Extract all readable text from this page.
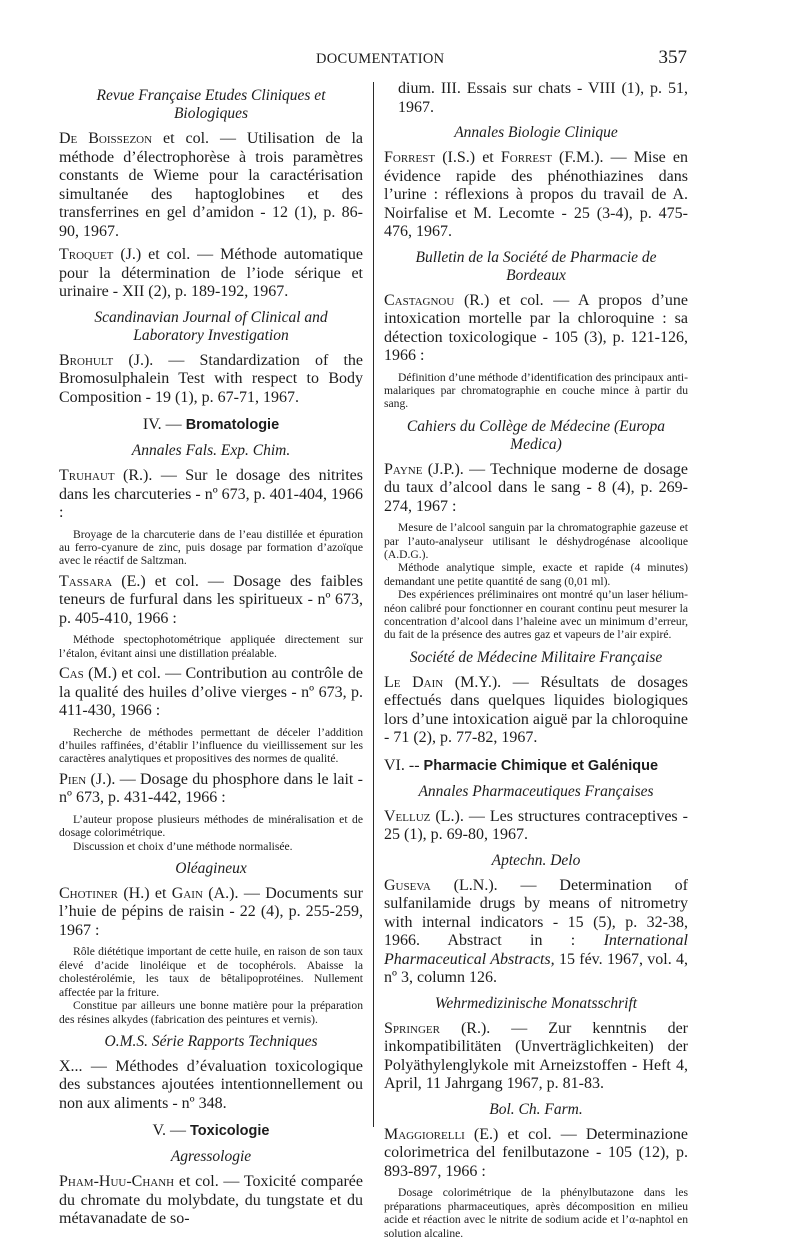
DOCUMENTATION	357
Revue Française Etudes Cliniques et Biologiques
De Boissezon et col. — Utilisation de la méthode d’électrophorèse à trois paramètres constants de Wieme pour la caractérisation simultanée des haptoglobines et des transferrines en gel d’amidon - 12 (1), p. 86-90, 1967.
Troquet (J.) et col. — Méthode automatique pour la détermination de l’iode sérique et urinaire - XII (2), p. 189-192, 1967.
Scandinavian Journal of Clinical and Laboratory Investigation
Brohult (J.). — Standardization of the Bromosulphalein Test with respect to Body Composition - 19 (1), p. 67-71, 1967.
IV. — Bromatologie
Annales Fals. Exp. Chim.
Truhaut (R.). — Sur le dosage des nitrites dans les charcuteries - nº 673, p. 401-404, 1966 :

Broyage de la charcuterie dans de l’eau distillée et épuration au ferro-cyanure de zinc, puis dosage par formation d’azoïque avec le réactif de Saltzman.

Tassara (E.) et col. — Dosage des faibles teneurs de furfural dans les spiritueux - nº 673, p. 405-410, 1966 :

Méthode spectophotométrique appliquée directement sur l’étalon, évitant ainsi une distillation préalable.

Cas (M.) et col. — Contribution au contrôle de la qualité des huiles d’olive vierges - nº 673, p. 411-430, 1966 :

Recherche de méthodes permettant de déceler l’addition d’huiles raffinées, d’établir l’influence du vieillissement sur les caractères analytiques et propositives des normes de qualité.

Pien (J.). — Dosage du phosphore dans le lait - nº 673, p. 431-442, 1966 :

L’auteur propose plusieurs méthodes de minéralisation et de dosage colorimétrique.

Discussion et choix d’une méthode normalisée.

Oléagineux
Chotiner (H.) et Gain (A.). — Documents sur l’huie de pépins de raisin - 22 (4), p. 255-259, 1967 :

Rôle diététique important de cette huile, en raison de son taux élevé d’acide linoléique et de tocophérols. Abaisse la cholestérolémie, les taux de bêtalipoprotéines. Nullement affectée par la friture.

Constitue par ailleurs une bonne matière pour la préparation des résines alkydes (fabrication des peintures et vernis).

O.M.S. Série Rapports Techniques
X... — Méthodes d’évaluation toxicologique des substances ajoutées intentionnellement ou non aux aliments - nº 348.
V. — Toxicologie
Agressologie
Pham-Huu-Chanh et col. — Toxicité comparée du chromate du molybdate, du tungstate et du métavanadate de so-
dium. III. Essais sur chats - VIII (1), p. 51, 1967.
Annales Biologie Clinique
Forrest (I.S.) et Forrest (F.M.). — Mise en évidence rapide des phénothiazines dans l’urine : réflexions à propos du travail de A. Noirfalise et M. Lecomte - 25 (3-4), p. 475-476, 1967.
Bulletin de la Société de Pharmacie de Bordeaux
Castagnou (R.) et col. — A propos d’une intoxication mortelle par la chloroquine : sa détection toxicologique - 105 (3), p. 121-126, 1966 :

Définition d’une méthode d’identification des principaux anti-malariques par chromatographie en couche mince à partir du sang.

Cahiers du Collège de Médecine (Europa Medica)
Payne (J.P.). — Technique moderne de dosage du taux d’alcool dans le sang - 8 (4), p. 269-274, 1967 :

Mesure de l’alcool sanguin par la chromatographie gazeuse et par l’auto-analyseur utilisant le déshydrogénase alcoolique (A.D.G.).

Méthode analytique simple, exacte et rapide (4 minutes) demandant une petite quantité de sang (0,01 ml).

Des expériences préliminaires ont montré qu’un laser hélium-néon calibré pour fonctionner en courant continu peut mesurer la concentration d’alcool dans l’haleine avec un minimum d’erreur, du fait de la présence des autres gaz et vapeurs de l’air expiré.

Société de Médecine Militaire Française
Le Dain (M.Y.). — Résultats de dosages effectués dans quelques liquides biologiques lors d’une intoxication aiguë par la chloroquine - 71 (2), p. 77-82, 1967.
VI. -- Pharmacie Chimique et Galénique
Annales Pharmaceutiques Françaises
Velluz (L.). — Les structures contraceptives - 25 (1), p. 69-80, 1967.
Aptechn. Delo
Guseva (L.N.). — Determination of sulfanilamide drugs by means of nitrometry with internal indicators - 15 (5), p. 32-38, 1966. Abstract in : International Pharmaceutical Abstracts, 15 fév. 1967, vol. 4, nº 3, column 126.
Wehrmedizinische Monatsschrift
Springer (R.). — Zur kenntnis der inkompatibilitäten (Unverträglichkeiten) der Polyäthylenglykole mit Arneizstoffen - Heft 4, April, 11 Jahrgang 1967, p. 81-83.
Bol. Ch. Farm.
Maggiorelli (E.) et col. — Determinazione colorimetrica del fenilbutazone - 105 (12), p. 893-897, 1966 :

Dosage colorimétrique de la phénylbutazone dans les préparations pharmaceutiques, après décomposition en milieu acide et réaction avec le nitrite de sodium acide et l’α-naphtol en solution alcaline.
